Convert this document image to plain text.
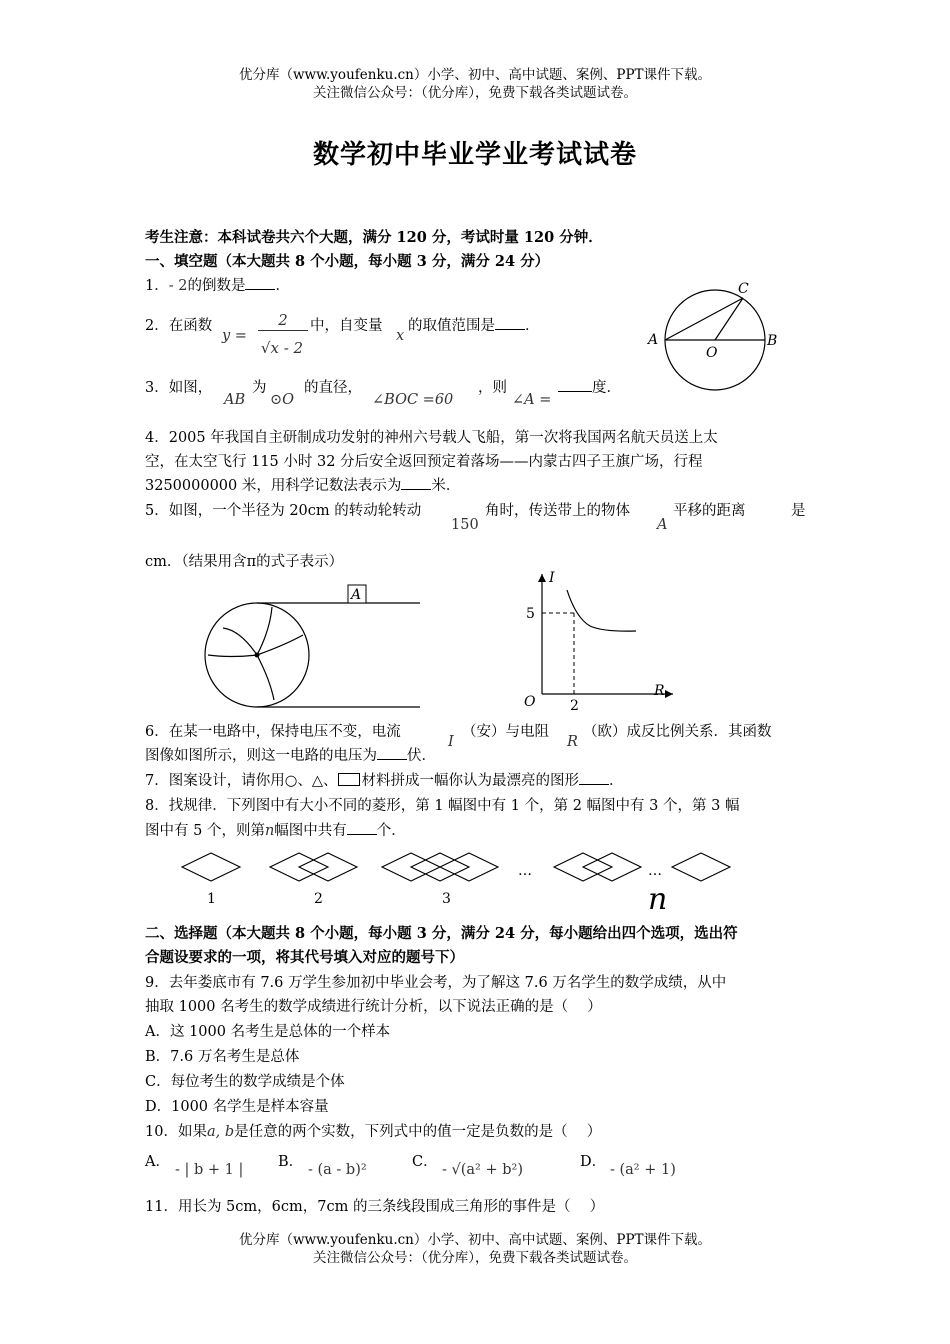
优分库（www.youfenku.cn）小学、初中、高中试题、案例、PPT课件下载。
关注微信公众号：（优分库），免费下载各类试题试卷。
数学初中毕业学业考试试卷
考生注意：本科试卷共六个大题，满分 120 分，考试时量 120 分钟．
一、填空题（本大题共 8 个小题，每小题 3 分，满分 24 分）
1．- 2的倒数是 ．
2．在函数
y =
2
√x - 2
中，自变量
x
的取值范围是 ．
3．如图，
AB
为
⊙O
的直径，
∠BOC =60
，则
∠A =
度．
C
A
O
B
4．2005 年我国自主研制成功发射的神州六号载人飞船，第一次将我国两名航天员送上太
空，在太空飞行 115 小时 32 分后安全返回预定着落场——内蒙古四子王旗广场，行程
3250000000 米，用科学记数法表示为 米．
5．如图，一个半径为 20cm 的转动轮转动
150
角时，传送带上的物体
A
平移的距离	是
cm．（结果用含π的式子表示）
A
I
5
O 2
R
6．在某一电路中，保持电压不变，电流
I
（安）与电阻
R
（欧）成反比例关系．其函数
图像如图所示，则这一电路的电压为 伏．
7．图案设计，请你用○、△、 材料拼成一幅你认为最漂亮的图形 ．
8．找规律．下列图中有大小不同的菱形，第 1 幅图中有 1 个，第 2 幅图中有 3 个，第 3 幅
图中有 5 个，则第n幅图中共有 个．
…	…
1	2	3	n
二、选择题（本大题共 8 个小题，每小题 3 分，满分 24 分，每小题给出四个选项，选出符
合题设要求的一项，将其代号填入对应的题号下）
9．去年娄底市有 7.6 万学生参加初中毕业会考，为了解这 7.6 万名学生的数学成绩，从中
抽取 1000 名考生的数学成绩进行统计分析，以下说法正确的是（　 ）
A．这 1000 名考生是总体的一个样本
B．7.6 万名考生是总体
C．每位考生的数学成绩是个体
D．1000 名学生是样本容量
10．如果a, b是任意的两个实数，下列式中的值一定是负数的是（　 ）
A． - | b + 1 | B． - (a - b)²	C． - √(a² + b²)	D． - (a² + 1)
11．用长为 5cm，6cm，7cm 的三条线段围成三角形的事件是（　 ）
优分库（www.youfenku.cn）小学、初中、高中试题、案例、PPT课件下载。
关注微信公众号：（优分库），免费下载各类试题试卷。
